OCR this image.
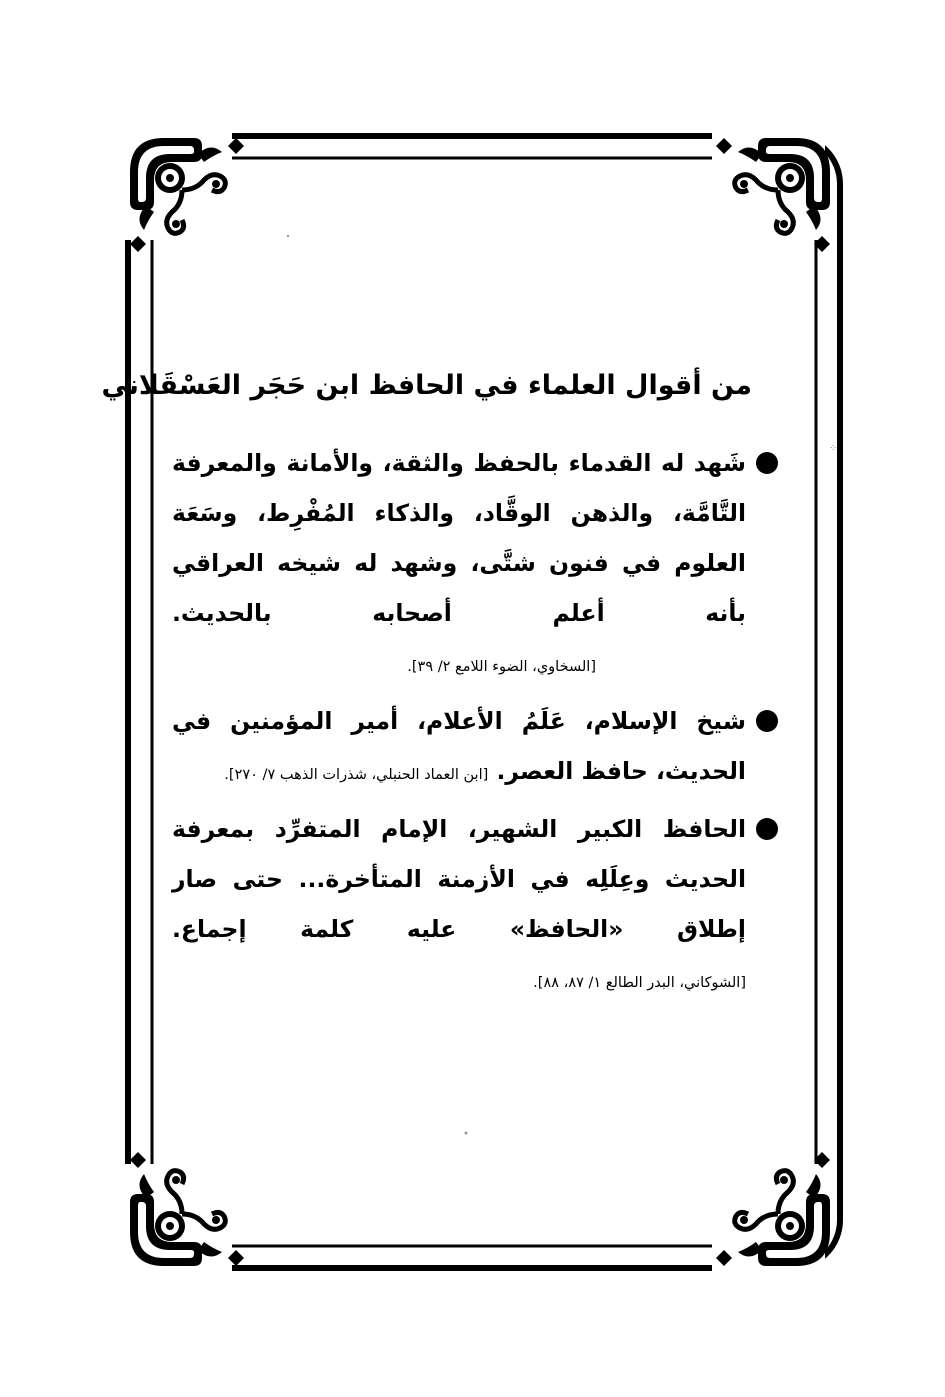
⁘
من أقوال العلماء في الحافظ ابن حَجَر العَسْقَلاني
شَهد له القدماء بالحفظ والثقة، والأمانة والمعرفة التَّامَّة، والذهن الوقَّاد، والذكاء المُفْرِط، وسَعَة العلوم في فنون شتَّى، وشهد له شيخه العراقي بأنه أعلم أصحابه بالحديث. [السخاوي، الضوء اللامع ٢/ ٣٩].
شيخ الإسلام، عَلَمُ الأعلام، أمير المؤمنين في الحديث، حافظ العصر. [ابن العماد الحنبلي، شذرات الذهب ٧/ ٢٧٠].
الحافظ الكبير الشهير، الإمام المتفرِّد بمعرفة الحديث وعِلَلِه في الأزمنة المتأخرة... حتى صار إطلاق «الحافظ» عليه كلمة إجماع. [الشوكاني، البدر الطالع ١/ ٨٧، ٨٨].
